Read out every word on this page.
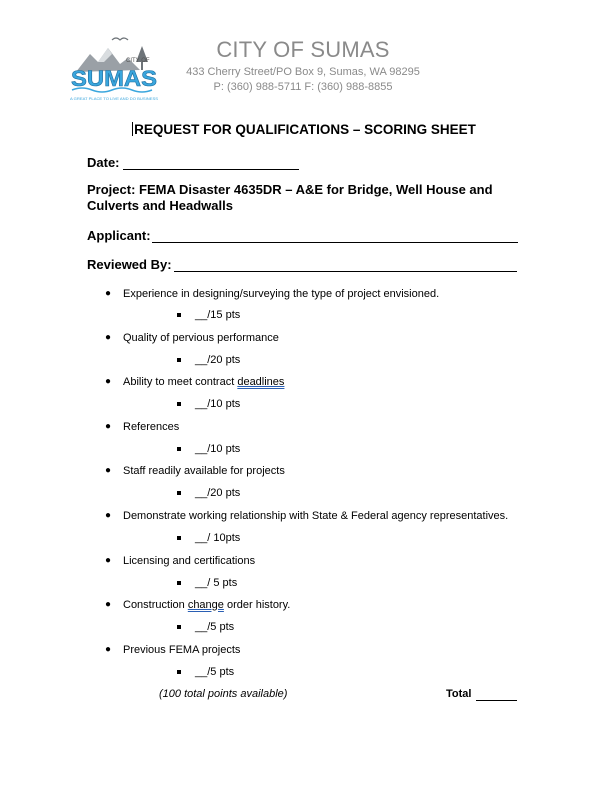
CITY OF
SUMAS
A GREAT PLACE TO LIVE AND DO BUSINESS
CITY OF SUMAS
433 Cherry Street/PO Box 9, Sumas, WA 98295
P: (360) 988-5711 F: (360) 988-8855
REQUEST FOR QUALIFICATIONS – SCORING SHEET
Date:
Project: FEMA Disaster 4635DR – A&E for Bridge, Well House and Culverts and Headwalls
Applicant:
Reviewed By:
● Experience in designing/surveying the type of project envisioned.
__/15 pts
● Quality of pervious performance
__/20 pts
● Ability to meet contract deadlines
__/10 pts
● References
__/10 pts
● Staff readily available for projects
__/20 pts
● Demonstrate working relationship with State & Federal agency representatives.
__/ 10pts
● Licensing and certifications
__/ 5 pts
● Construction change order history.
__/5 pts
● Previous FEMA projects
__/5 pts
(100 total points available)	Total
